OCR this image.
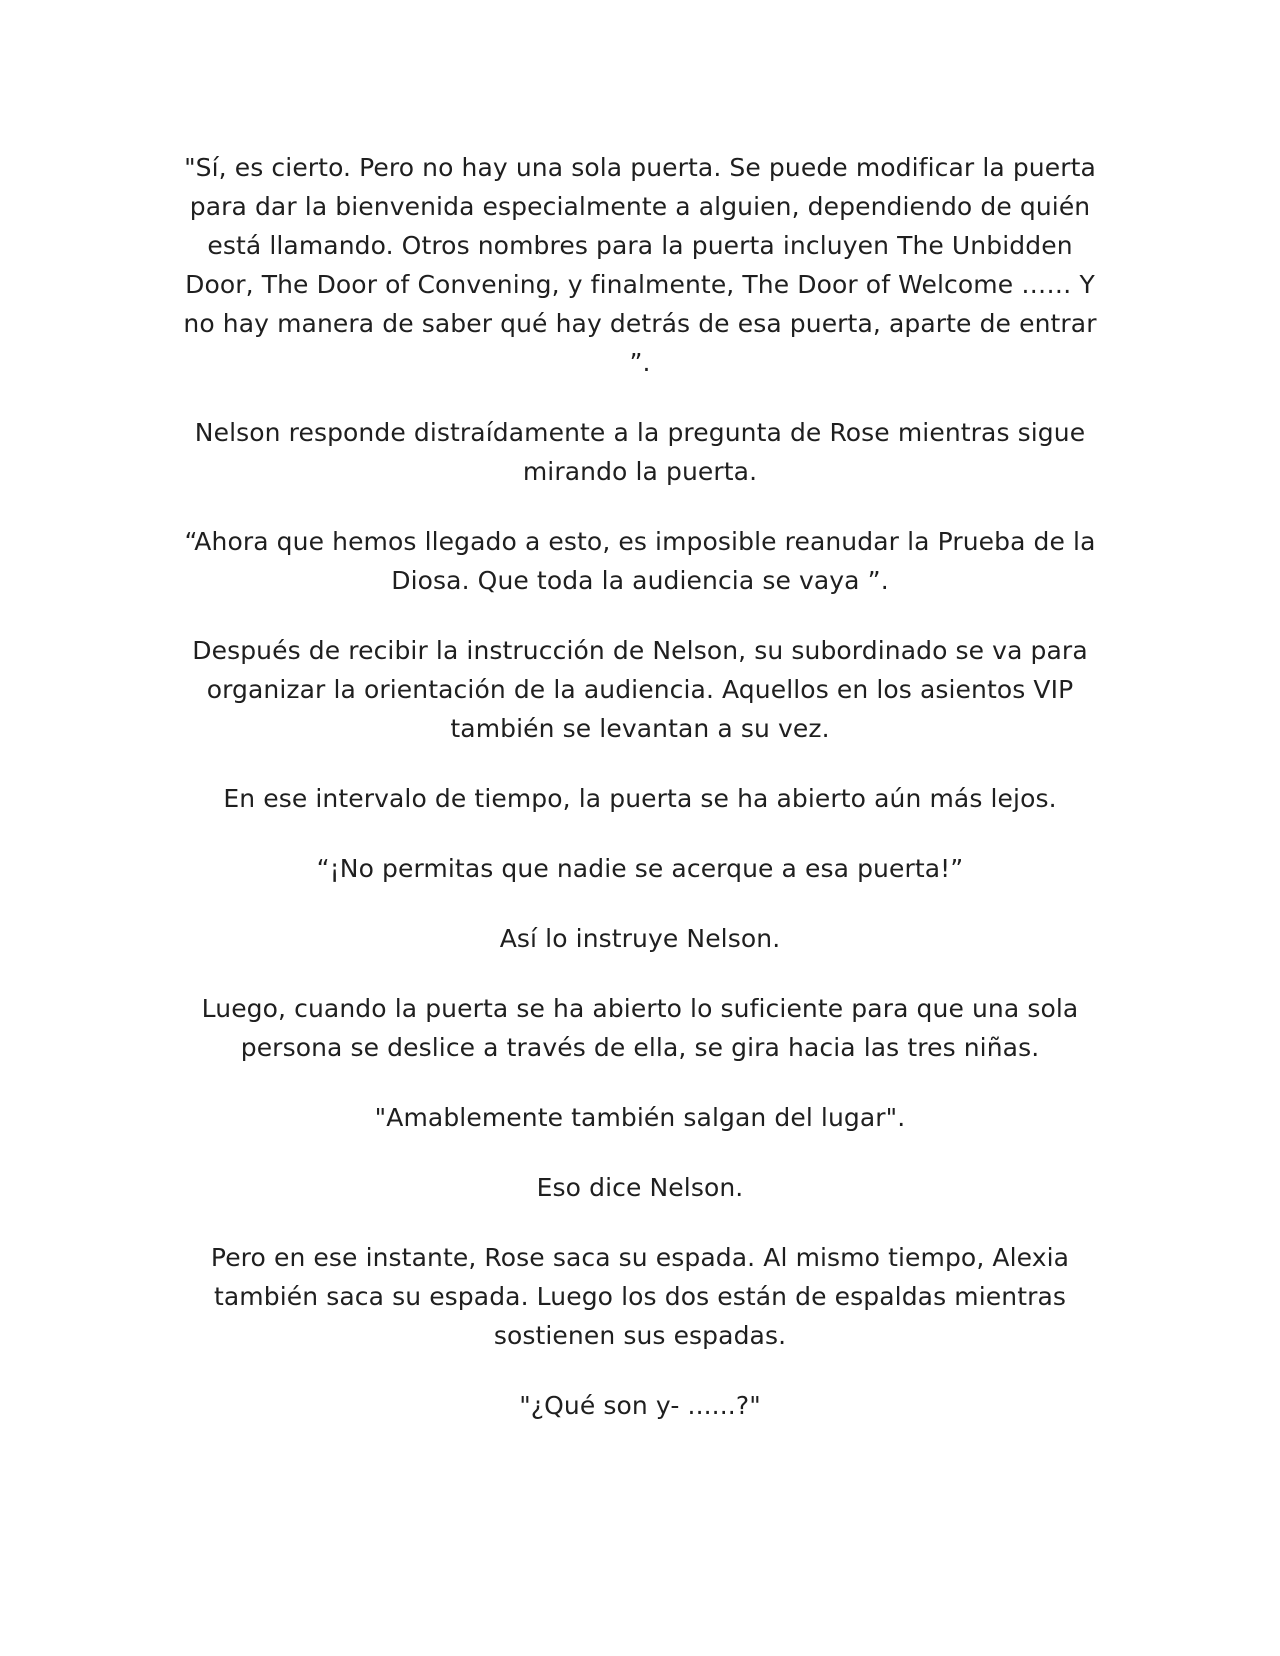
"Sí, es cierto. Pero no hay una sola puerta. Se puede modificar la puerta para dar la bienvenida especialmente a alguien, dependiendo de quién está llamando. Otros nombres para la puerta incluyen The Unbidden Door, The Door of Convening, y finalmente, The Door of Welcome …… Y no hay manera de saber qué hay detrás de esa puerta, aparte de entrar ”.

Nelson responde distraídamente a la pregunta de Rose mientras sigue mirando la puerta.

“Ahora que hemos llegado a esto, es imposible reanudar la Prueba de la Diosa. Que toda la audiencia se vaya ”.

Después de recibir la instrucción de Nelson, su subordinado se va para organizar la orientación de la audiencia. Aquellos en los asientos VIP también se levantan a su vez.

En ese intervalo de tiempo, la puerta se ha abierto aún más lejos.

“¡No permitas que nadie se acerque a esa puerta!”

Así lo instruye Nelson.

Luego, cuando la puerta se ha abierto lo suficiente para que una sola persona se deslice a través de ella, se gira hacia las tres niñas.

"Amablemente también salgan del lugar".

Eso dice Nelson.

Pero en ese instante, Rose saca su espada. Al mismo tiempo, Alexia también saca su espada. Luego los dos están de espaldas mientras sostienen sus espadas.

"¿Qué son y- ......?"
